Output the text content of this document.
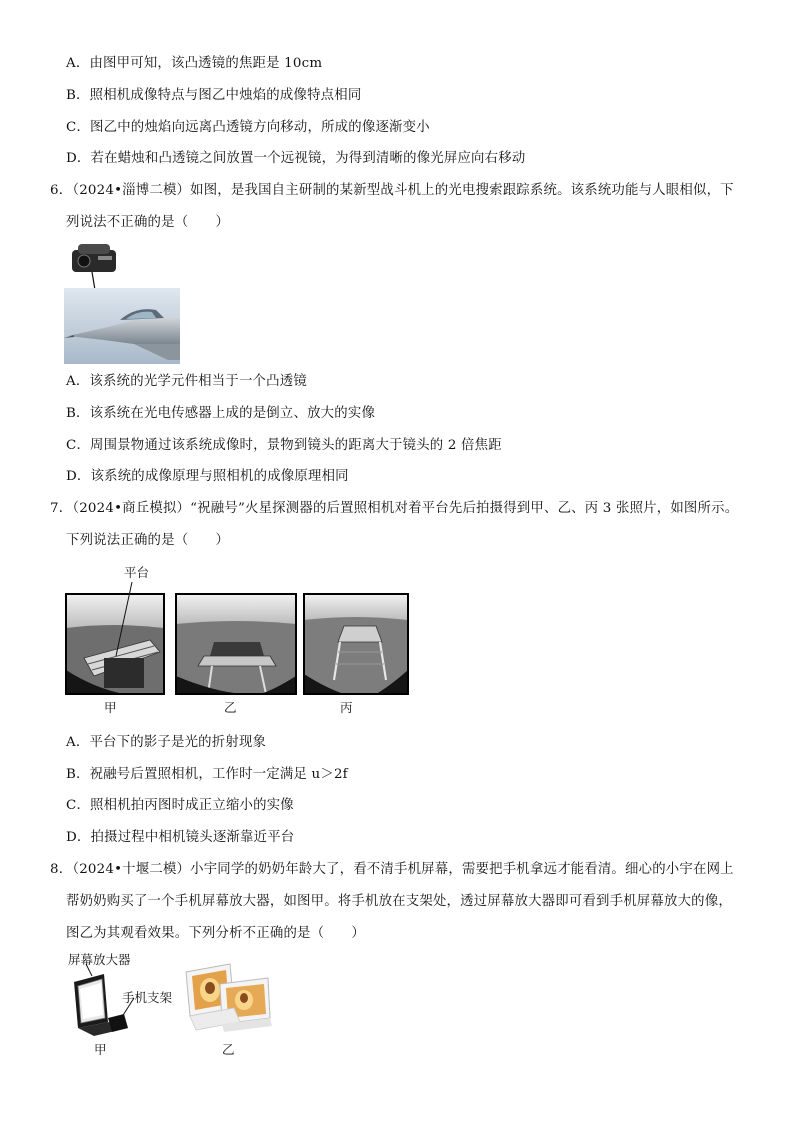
A．由图甲可知，该凸透镜的焦距是 10cm
B．照相机成像特点与图乙中烛焰的成像特点相同
C．图乙中的烛焰向远离凸透镜方向移动，所成的像逐渐变小
D．若在蜡烛和凸透镜之间放置一个远视镜，为得到清晰的像光屏应向右移动
6．（2024•淄博二模）如图，是我国自主研制的某新型战斗机上的光电搜索跟踪系统。该系统功能与人眼相似，下
列说法不正确的是（　　）
A．该系统的光学元件相当于一个凸透镜
B．该系统在光电传感器上成的是倒立、放大的实像
C．周围景物通过该系统成像时，景物到镜头的距离大于镜头的 2 倍焦距
D．该系统的成像原理与照相机的成像原理相同
7．（2024•商丘模拟）“祝融号”火星探测器的后置照相机对着平台先后拍摄得到甲、乙、丙 3 张照片，如图所示。
下列说法正确的是（　　）
平台
甲	乙	丙
A．平台下的影子是光的折射现象
B．祝融号后置照相机，工作时一定满足 u＞2f
C．照相机拍丙图时成正立缩小的实像
D．拍摄过程中相机镜头逐渐靠近平台
8．（2024•十堰二模）小宇同学的奶奶年龄大了，看不清手机屏幕，需要把手机拿远才能看清。细心的小宇在网上
帮奶奶购买了一个手机屏幕放大器，如图甲。将手机放在支架处，透过屏幕放大器即可看到手机屏幕放大的像，
图乙为其观看效果。下列分析不正确的是（　　）
屏幕放大器
手机支架
甲	乙
